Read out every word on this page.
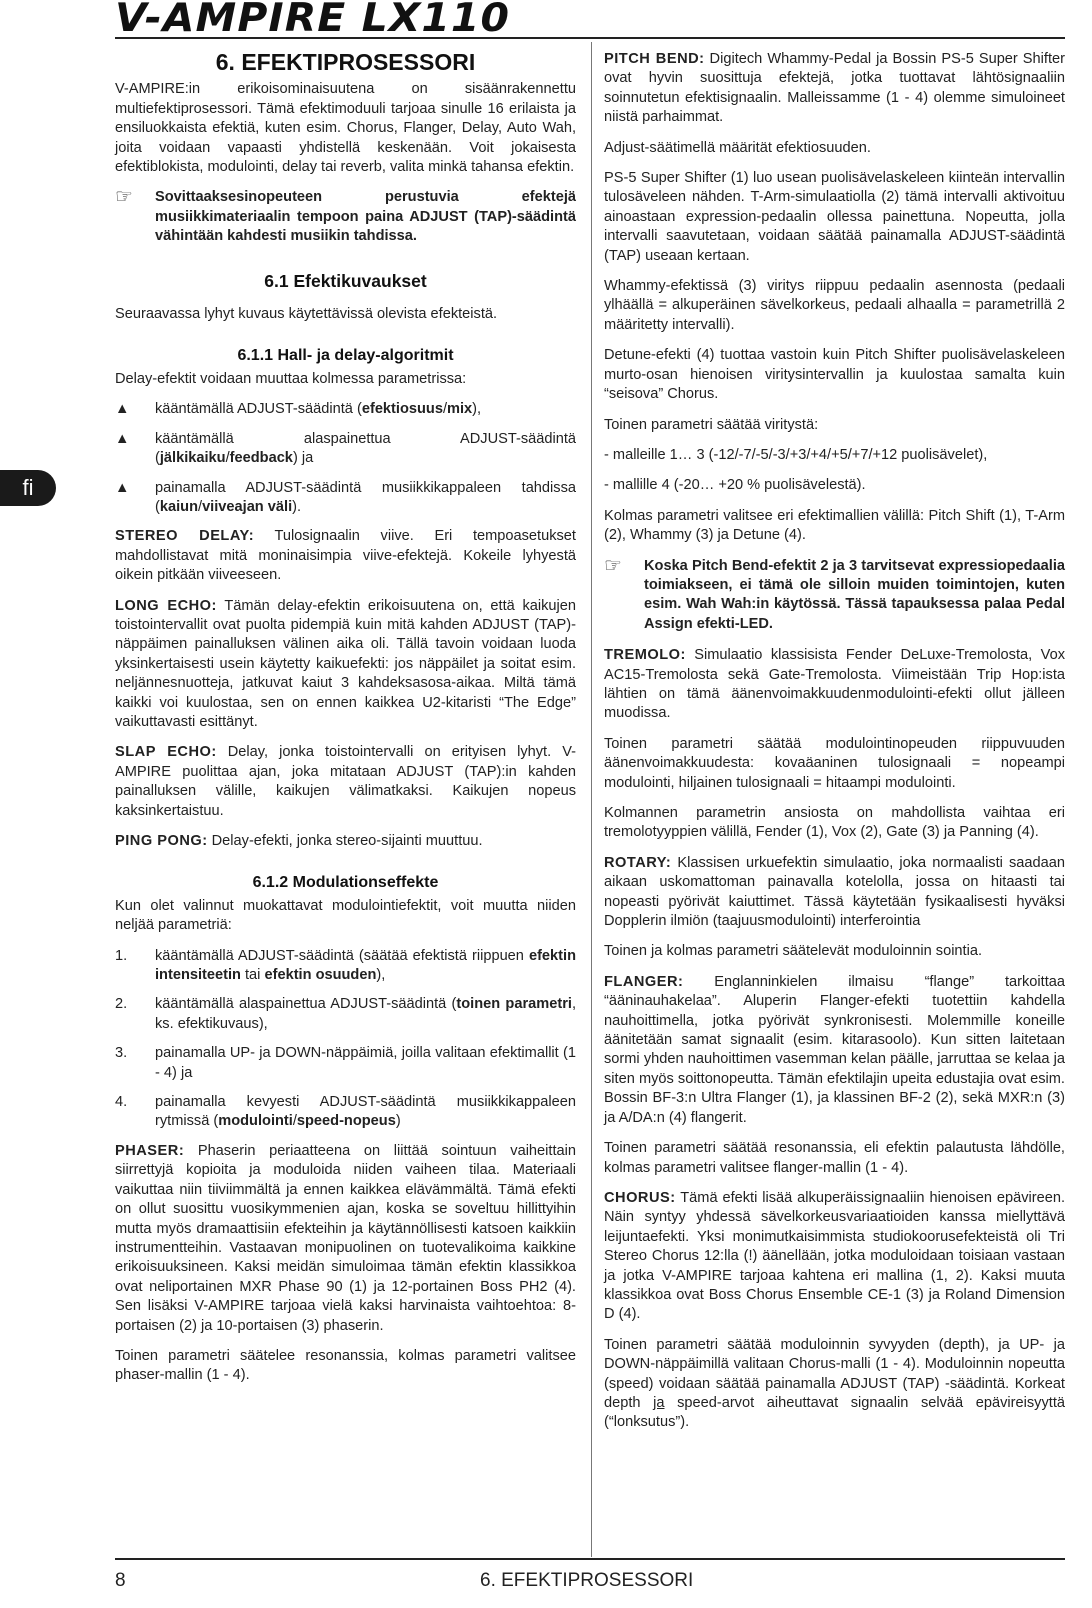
V-AMPIRE LX110
fi
6. EFEKTIPROSESSORI

V-AMPIRE:in erikoisominaisuutena on sisäänrakennettu multiefektiprosessori. Tämä efektimoduuli tarjoaa sinulle 16 erilaista ja ensiluokkaista efektiä, kuten esim. Chorus, Flanger, Delay, Auto Wah, joita voidaan vapaasti yhdistellä keskenään. Voit jokaisesta efektiblokista, modulointi, delay tai reverb, valita minkä tahansa efektin.

☞	Sovittaaksesinopeuteen perustuvia efektejä musiikkimateriaalin tempoon paina ADJUST (TAP)-säädintä vähintään kahdesti musiikin tahdissa.
6.1 Efektikuvaukset

Seuraavassa lyhyt kuvaus käytettävissä olevista efekteistä.

6.1.1 Hall- ja delay-algoritmit

Delay-efektit voidaan muuttaa kolmessa parametrissa:

▲	kääntämällä ADJUST-säädintä (efektiosuus/mix),
▲	kääntämällä alaspainettua ADJUST-säädintä (jälkikaiku/feedback) ja
▲	painamalla ADJUST-säädintä musiikkikappaleen tahdissa (kaiun/viiveajan väli).

STEREO DELAY: Tulosignaalin viive. Eri tempoasetukset mahdollistavat mitä moninaisimpia viive-efektejä. Kokeile lyhyestä oikein pitkään viiveeseen.

LONG ECHO: Tämän delay-efektin erikoisuutena on, että kaikujen toistointervallit ovat puolta pidempiä kuin mitä kahden ADJUST (TAP)-näppäimen painalluksen välinen aika oli. Tällä tavoin voidaan luoda yksinkertaisesti usein käytetty kaikuefekti: jos näppäilet ja soitat esim. neljännesnuotteja, jatkuvat kaiut 3 kahdeksasosa-aikaa. Miltä tämä kaikki voi kuulostaa, sen on ennen kaikkea U2-kitaristi “The Edge” vaikuttavasti esittänyt.

SLAP ECHO: Delay, jonka toistointervalli on erityisen lyhyt. V-AMPIRE puolittaa ajan, joka mitataan ADJUST (TAP):in kahden painalluksen välille, kaikujen välimatkaksi. Kaikujen nopeus kaksinkertaistuu.

PING PONG: Delay-efekti, jonka stereo-sijainti muuttuu.

6.1.2 Modulationseffekte

Kun olet valinnut muokattavat modulointiefektit, voit muutta niiden neljää parametriä:

1.	kääntämällä ADJUST-säädintä (säätää efektistä riippuen efektin intensiteetin tai efektin osuuden),
2.	kääntämällä alaspainettua ADJUST-säädintä (toinen parametri, ks. efektikuvaus),
3.	painamalla UP- ja DOWN-näppäimiä, joilla valitaan efektimallit (1 - 4) ja
4.	painamalla kevyesti ADJUST-säädintä musiikkikappaleen rytmissä (modulointi/speed-nopeus)

PHASER: Phaserin periaatteena on liittää sointuun vaiheittain siirrettyjä kopioita ja moduloida niiden vaiheen tilaa. Materiaali vaikuttaa niin tiiviimmältä ja ennen kaikkea elävämmältä. Tämä efekti on ollut suosittu vuosikymmenien ajan, koska se soveltuu hillittyihin mutta myös dramaattisiin efekteihin ja käytännöllisesti katsoen kaikkiin instrumentteihin. Vastaavan monipuolinen on tuotevalikoima kaikkine erikoisuuksineen. Kaksi meidän simuloimaa tämän efektin klassikkoa ovat neliportainen MXR Phase 90 (1) ja 12-portainen Boss PH2 (4). Sen lisäksi V-AMPIRE tarjoaa vielä kaksi harvinaista vaihtoehtoa: 8-portaisen (2) ja 10-portaisen (3) phaserin.

Toinen parametri säätelee resonanssia, kolmas parametri valitsee phaser-mallin (1 - 4).

PITCH BEND: Digitech Whammy-Pedal ja Bossin PS-5 Super Shifter ovat hyvin suosittuja efektejä, jotka tuottavat lähtösignaaliin soinnutetun efektisignaalin. Malleissamme (1 - 4) olemme simuloineet niistä parhaimmat.

Adjust-säätimellä määrität efektiosuuden.

PS-5 Super Shifter (1) luo usean puolisävelaskeleen kiinteän intervallin tulosäveleen nähden. T-Arm-simulaatiolla (2) tämä intervalli aktivoituu ainoastaan expression-pedaalin ollessa painettuna. Nopeutta, jolla intervalli saavutetaan, voidaan säätää painamalla ADJUST-säädintä (TAP) useaan kertaan.

Whammy-efektissä (3) viritys riippuu pedaalin asennosta (pedaali ylhäällä = alkuperäinen sävelkorkeus, pedaali alhaalla = parametrillä 2 määritetty intervalli).

Detune-efekti (4) tuottaa vastoin kuin Pitch Shifter puolisävelaskeleen murto-osan hienoisen viritysintervallin ja kuulostaa samalta kuin “seisova” Chorus.

Toinen parametri säätää viritystä:

- malleille 1… 3 (-12/-7/-5/-3/+3/+4/+5/+7/+12 puolisävelet),

- mallille 4 (-20… +20 % puolisävelestä).

Kolmas parametri valitsee eri efektimallien välillä: Pitch Shift (1), T-Arm (2), Whammy (3) ja Detune (4).

☞	Koska Pitch Bend-efektit 2 ja 3 tarvitsevat expressiopedaalia toimiakseen, ei tämä ole silloin muiden toimintojen, kuten esim. Wah Wah:in käytössä. Tässä tapauksessa palaa Pedal Assign efekti-LED.

TREMOLO: Simulaatio klassisista Fender DeLuxe-Tremolosta, Vox AC15-Tremolosta sekä Gate-Tremolosta. Viimeistään Trip Hop:ista lähtien on tämä äänenvoimakkuudenmodulointi-efekti ollut jälleen muodissa.

Toinen parametri säätää modulointinopeuden riippuvuuden äänenvoimakkuudesta: kovaäaninen tulosignaali = nopeampi modulointi, hiljainen tulosignaali = hitaampi modulointi.

Kolmannen parametrin ansiosta on mahdollista vaihtaa eri tremolotyyppien välillä, Fender (1), Vox (2), Gate (3) ja Panning (4).

ROTARY: Klassisen urkuefektin simulaatio, joka normaalisti saadaan aikaan uskomattoman painavalla kotelolla, jossa on hitaasti tai nopeasti pyörivät kaiuttimet. Tässä käytetään fysikaalisesti hyväksi Dopplerin ilmiön (taajuusmodulointi) interferointia

Toinen ja kolmas parametri säätelevät moduloinnin sointia.

FLANGER: Englanninkielen ilmaisu “flange” tarkoittaa “ääninauhakelaa”. Aluperin Flanger-efekti tuotettiin kahdella nauhoittimella, jotka pyörivät synkronisesti. Molemmille koneille äänitetään samat signaalit (esim. kitarasoolo). Kun sitten laitetaan sormi yhden nauhoittimen vasemman kelan päälle, jarruttaa se kelaa ja siten myös soittonopeutta. Tämän efektilajin upeita edustajia ovat esim. Bossin BF-3:n Ultra Flanger (1), ja klassinen BF-2 (2), sekä MXR:n (3) ja A/DA:n (4) flangerit.

Toinen parametri säätää resonanssia, eli efektin palautusta lähdölle, kolmas parametri valitsee flanger-mallin (1 - 4).

CHORUS: Tämä efekti lisää alkuperäissignaaliin hienoisen epävireen. Näin syntyy yhdessä sävelkorkeusvariaatioiden kanssa miellyttävä leijuntaefekti. Yksi monimutkaisimmista studiokoorusefekteistä oli Tri Stereo Chorus 12:lla (!) äänellään, jotka moduloidaan toisiaan vastaan ja jotka V-AMPIRE tarjoaa kahtena eri mallina (1, 2). Kaksi muuta klassikkoa ovat Boss Chorus Ensemble CE-1 (3) ja Roland Dimension D (4).

Toinen parametri säätää moduloinnin syvyyden (depth), ja UP- ja DOWN-näppäimillä valitaan Chorus-malli (1 - 4). Moduloinnin nopeutta (speed) voidaan säätää painamalla ADJUST (TAP) -säädintä. Korkeat depth ja speed-arvot aiheuttavat signaalin selvää epävireisyyttä (“lonksutus”).

8	6. EFEKTIPROSESSORI
